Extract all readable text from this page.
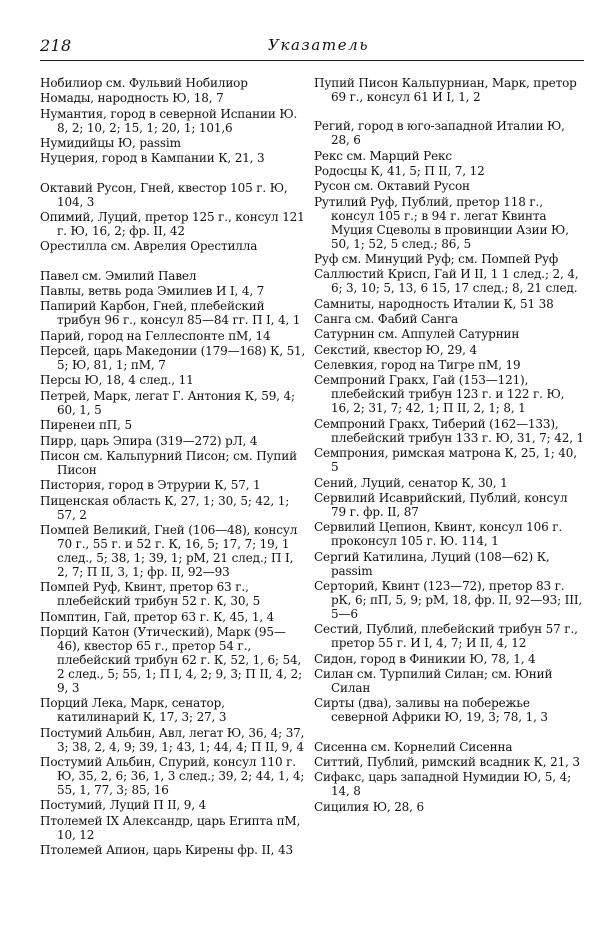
218	Указатель
Нобилиор см. Фульвий Нобилиор
Номады, народность Ю, 18, 7
Нумантия, город в северной Испании Ю. 8, 2; 10, 2; 15, 1; 20, 1; 101,6
Нумидийцы Ю, passim
Нуцерия, город в Кампании К, 21, 3
Октавий Русон, Гней, квестор 105 г. Ю, 104, 3
Опимий, Луций, претор 125 г., консул 121 г. Ю, 16, 2; фр. II, 42
Орестилла см. Аврелия Орестилла
Павел см. Эмилий Павел
Павлы, ветвь рода Эмилиев И I, 4, 7
Папирий Карбон, Гней, плебейский трибун 96 г., консул 85—84 гг. П I, 4, 1
Парий, город на Геллеспонте пМ, 14
Персей, царь Македонии (179—168) К, 51, 5; Ю, 81, 1; пМ, 7
Персы Ю, 18, 4 след., 11
Петрей, Марк, легат Г. Антония К, 59, 4; 60, 1, 5
Пиренеи пП, 5
Пирр, царь Эпира (319—272) рЛ, 4
Писон см. Кальпурний Писон; см. Пупий Писон
Пистория, город в Этрурии К, 57, 1
Пиценская область К, 27, 1; 30, 5; 42, 1; 57, 2
Помпей Великий, Гней (106—48), консул 70 г., 55 г. и 52 г. К, 16, 5; 17, 7; 19, 1 след., 5; 38, 1; 39, 1; рМ, 21 след.; П I, 2, 7; П II, 3, 1; фр. II, 92—93
Помпей Руф, Квинт, претор 63 г., плебейский трибун 52 г. К, 30, 5
Помптин, Гай, претор 63 г. К, 45, 1, 4
Порций Катон (Утический), Марк (95—46), квестор 65 г., претор 54 г., плебейский трибун 62 г. К, 52, 1, 6; 54, 2 след., 5; 55, 1; П I, 4, 2; 9, 3; П II, 4, 2; 9, 3
Порций Лека, Марк, сенатор, катилинарий К, 17, 3; 27, 3
Постумий Альбин, Авл, легат Ю, 36, 4; 37, 3; 38, 2, 4, 9; 39, 1; 43, 1; 44, 4; П II, 9, 4
Постумий Альбин, Спурий, консул 110 г. Ю, 35, 2, 6; 36, 1, 3 след.; 39, 2; 44, 1, 4; 55, 1, 77, 3; 85, 16
Постумий, Луций П II, 9, 4
Птолемей IX Александр, царь Египта пМ, 10, 12
Птолемей Апион, царь Кирены фр. II, 43
Пупий Писон Кальпурниан, Марк, претор 69 г., консул 61 И I, 1, 2
Регий, город в юго-западной Италии Ю, 28, 6
Рекс см. Марций Рекс
Родосцы К, 41, 5; П II, 7, 12
Русон см. Октавий Русон
Рутилий Руф, Публий, претор 118 г., консул 105 г.; в 94 г. легат Квинта Муция Сцеволы в провинции Азии Ю, 50, 1; 52, 5 след.; 86, 5
Руф см. Минуций Руф; см. Помпей Руф
Саллюстий Крисп, Гай И II, 1 1 след.; 2, 4, 6; 3, 10; 5, 13, 6 15, 17 след.; 8, 21 след.
Самниты, народность Италии К, 51 38
Санга см. Фабий Санга
Сатурнин см. Аппулей Сатурнин
Секстий, квестор Ю, 29, 4
Селевкия, город на Тигре пМ, 19
Семпроний Гракх, Гай (153—121), плебейский трибун 123 г. и 122 г. Ю, 16, 2; 31, 7; 42, 1; П II, 2, 1; 8, 1
Семпроний Гракх, Тиберий (162—133), плебейский трибун 133 г. Ю, 31, 7; 42, 1
Семпрония, римская матрона К, 25, 1; 40, 5
Сений, Луций, сенатор К, 30, 1
Сервилий Исаврийский, Публий, консул 79 г. фр. II, 87
Сервилий Цепион, Квинт, консул 106 г. проконсул 105 г. Ю. 114, 1
Сергий Катилина, Луций (108—62) К, passim
Серторий, Квинт (123—72), претор 83 г. рК, 6; пП, 5, 9; рМ, 18, фр. II, 92—93; III, 5—6
Сестий, Публий, плебейский трибун 57 г., претор 55 г. И I, 4, 7; И II, 4, 12
Сидон, город в Финикии Ю, 78, 1, 4
Силан см. Турпилий Силан; см. Юний Силан
Сирты (два), заливы на побережье северной Африки Ю, 19, 3; 78, 1, 3
Сисенна см. Корнелий Сисенна
Ситтий, Публий, римский всадник К, 21, 3
Сифакс, царь западной Нумидии Ю, 5, 4; 14, 8
Сицилия Ю, 28, 6
